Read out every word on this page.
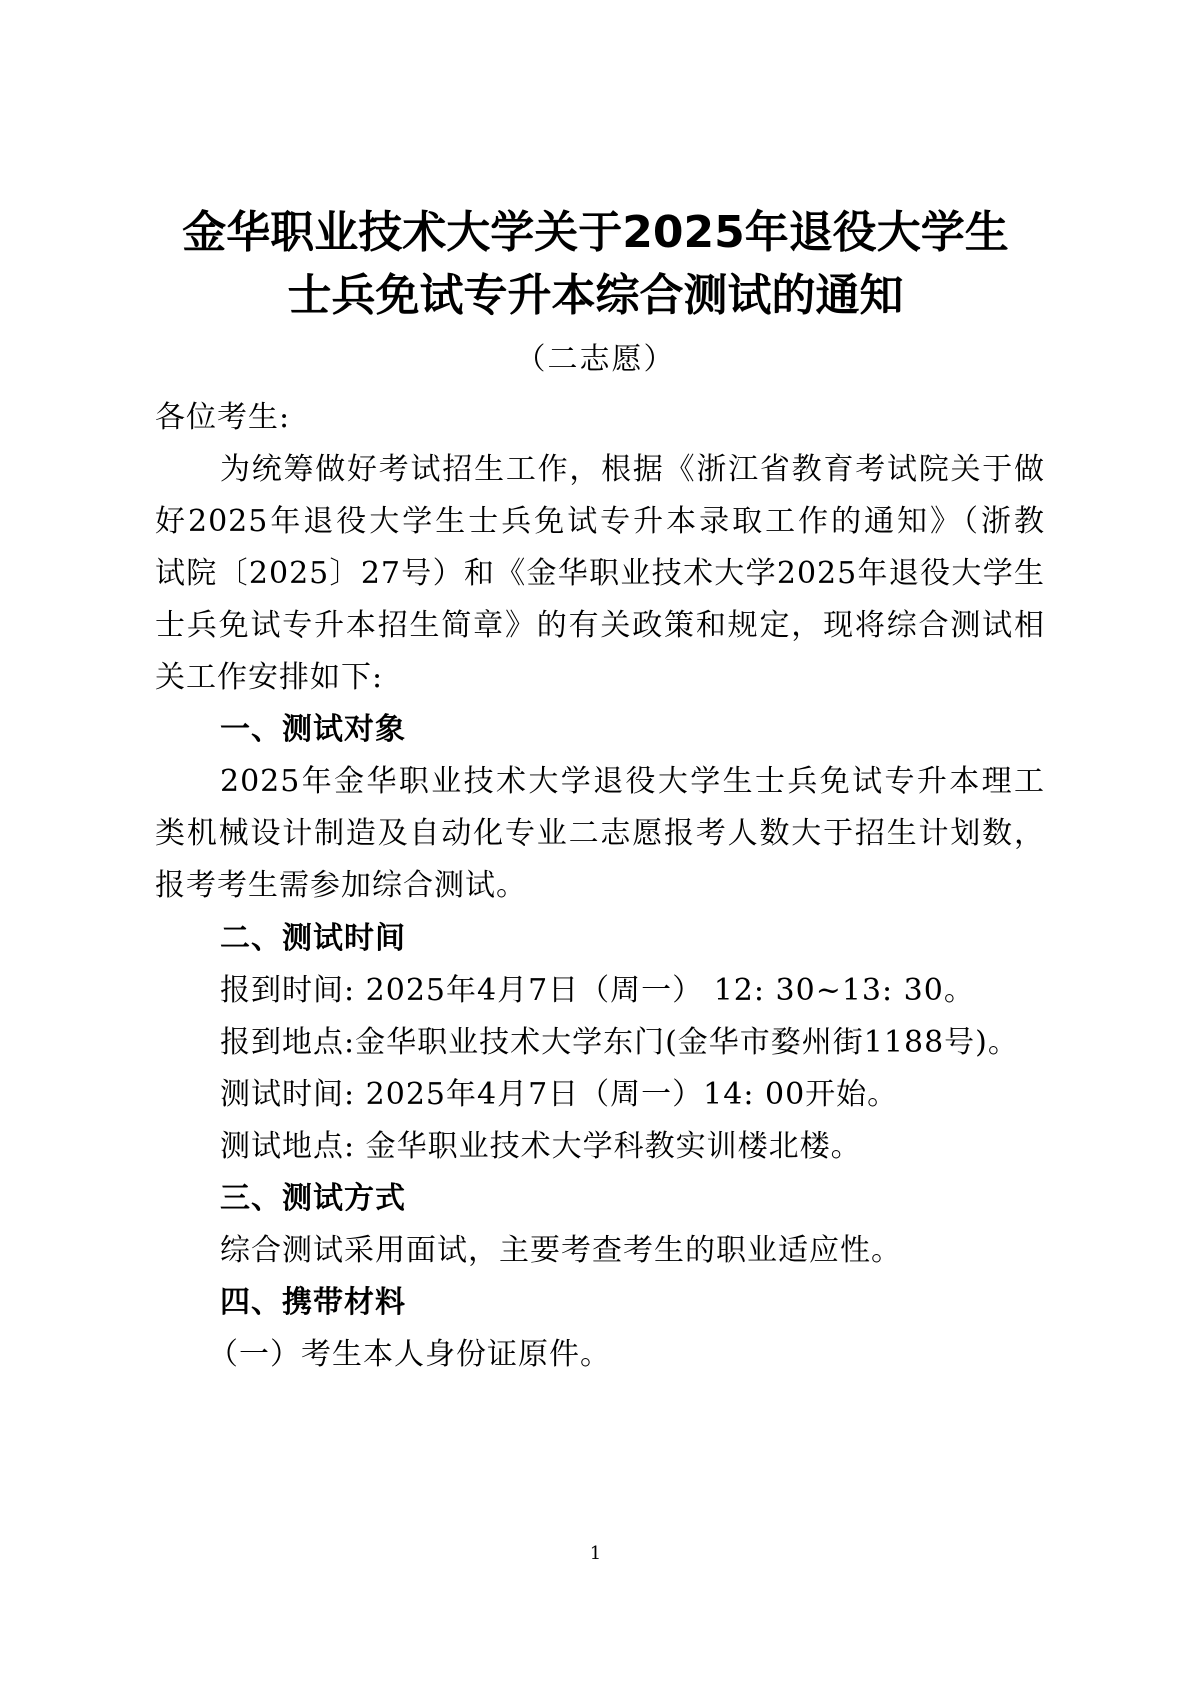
金华职业技术大学关于2025年退役大学生
士兵免试专升本综合测试的通知
（二志愿）
各位考生:
为统筹做好考试招生工作，根据《浙江省教育考试院关于做
好2025年退役大学生士兵免试专升本录取工作的通知》（浙教
试院〔2025〕27号）和《金华职业技术大学2025年退役大学生
士兵免试专升本招生简章》的有关政策和规定，现将综合测试相
关工作安排如下:
一、测试对象
2025年金华职业技术大学退役大学生士兵免试专升本理工
类机械设计制造及自动化专业二志愿报考人数大于招生计划数，
报考考生需参加综合测试。
二、测试时间
报到时间: 2025年4月7日（周一） 12: 30~13: 30。
报到地点:金华职业技术大学东门(金华市婺州街1188号)。
测试时间: 2025年4月7日（周一）14: 00开始。
测试地点: 金华职业技术大学科教实训楼北楼。
三、测试方式
综合测试采用面试，主要考查考生的职业适应性。
四、携带材料
（一）考生本人身份证原件。
1
